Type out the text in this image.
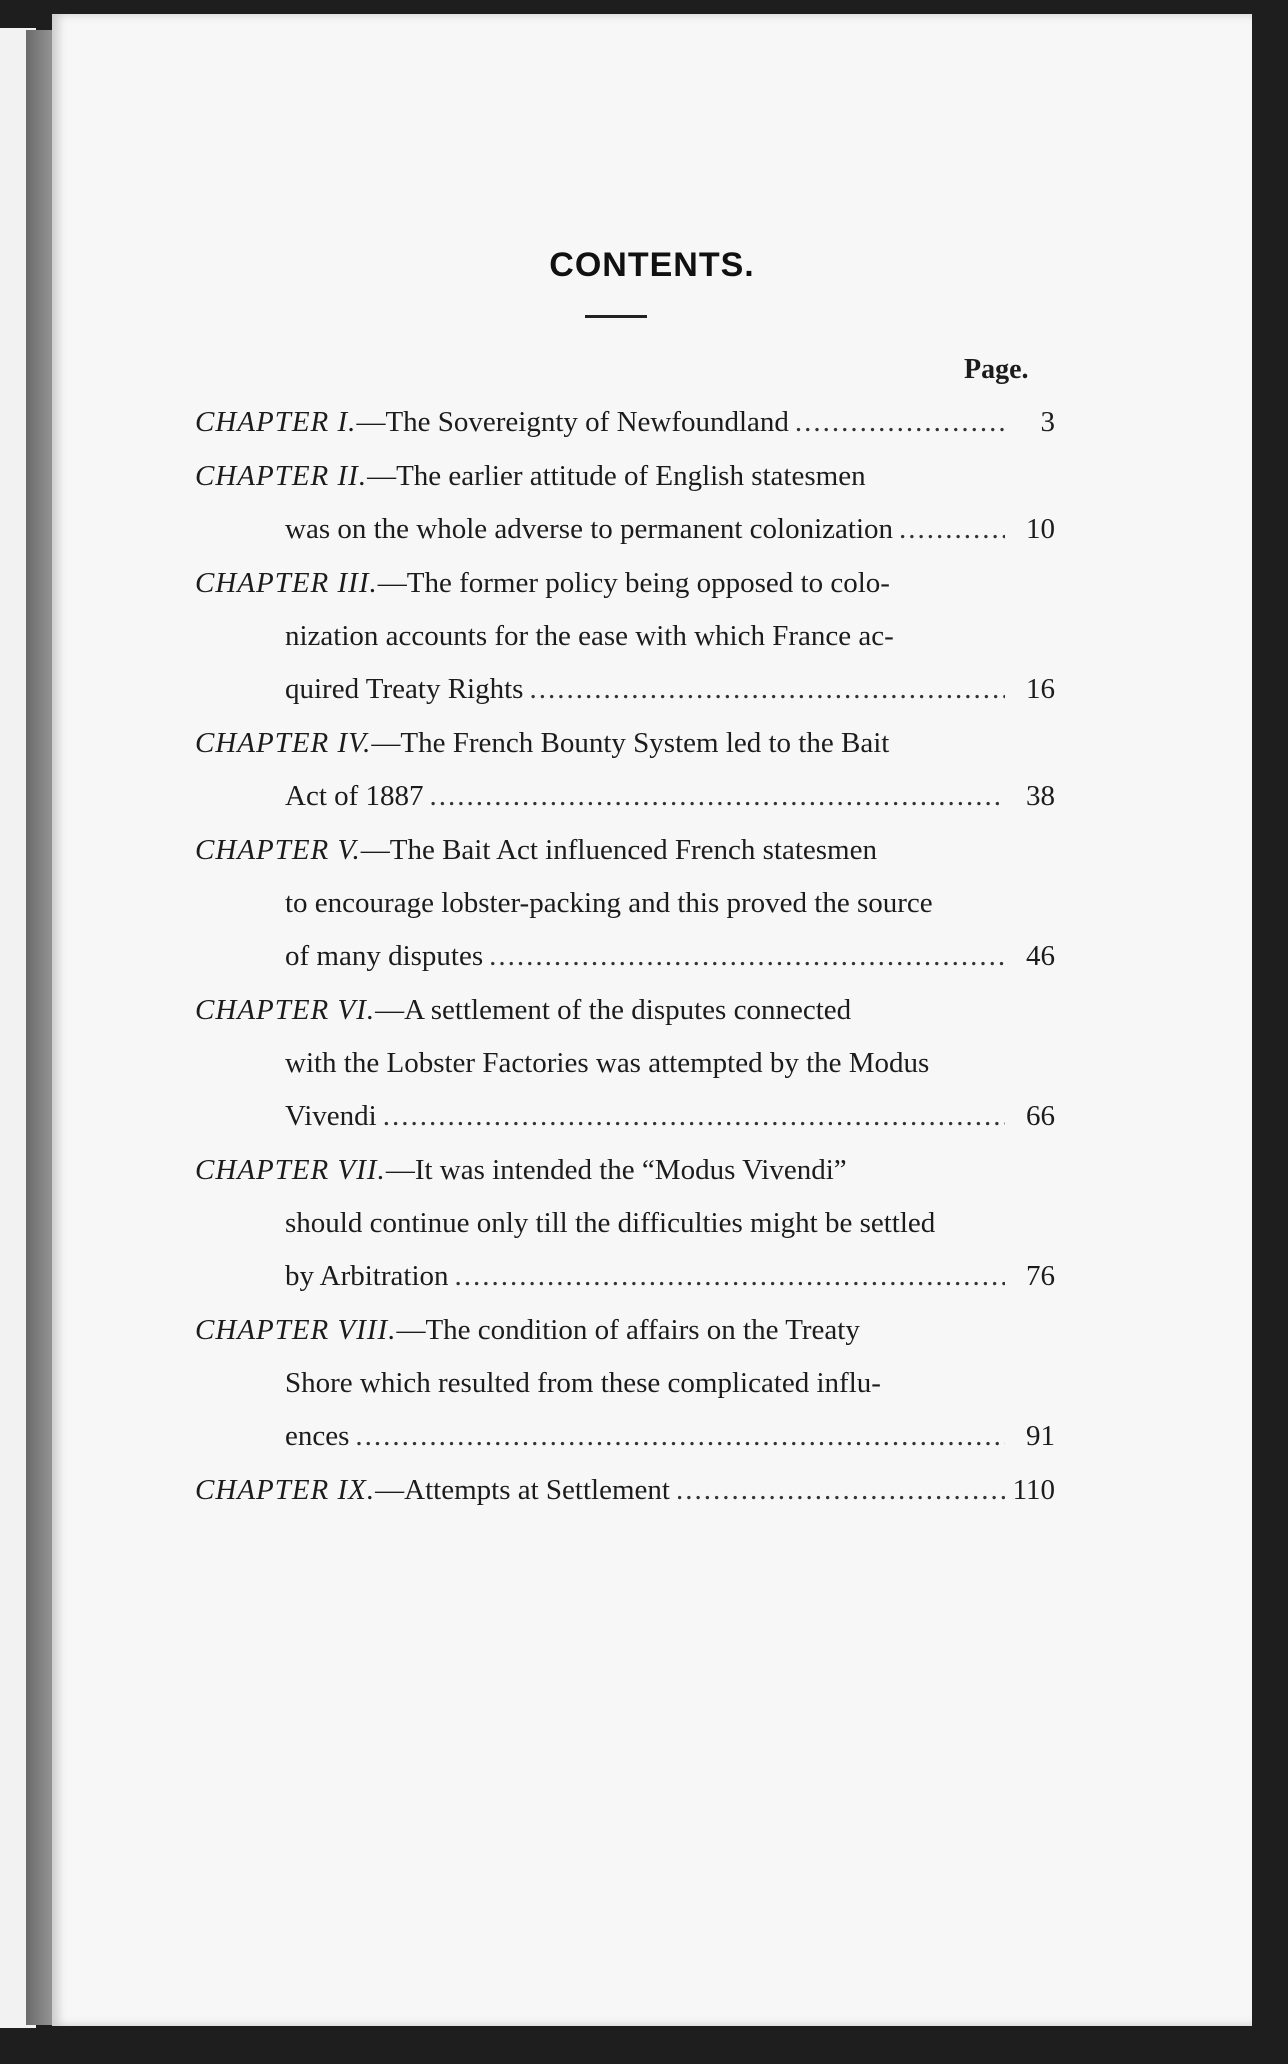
CONTENTS.
Page.
CHAPTER I. —The Sovereignty of Newfoundland .....	3
CHAPTER II. —The earlier attitude of English statesmen
was on the whole adverse to permanent colonization .....	10
CHAPTER III. —The former policy being opposed to colo-
nization accounts for the ease with which France ac-
quired Treaty Rights .....	16
CHAPTER IV. —The French Bounty System led to the Bait
Act of 1887 .....	38
CHAPTER V. —The Bait Act influenced French statesmen
to encourage lobster-packing and this proved the source
of many disputes .....	46
CHAPTER VI. —A settlement of the disputes connected
with the Lobster Factories was attempted by the Modus
Vivendi .....	66
CHAPTER VII. —It was intended the “Modus Vivendi”
should continue only till the difficulties might be settled
by Arbitration .....	76
CHAPTER VIII. —The condition of affairs on the Treaty
Shore which resulted from these complicated influ-
ences .....	91
CHAPTER IX. —Attempts at Settlement .....	110
